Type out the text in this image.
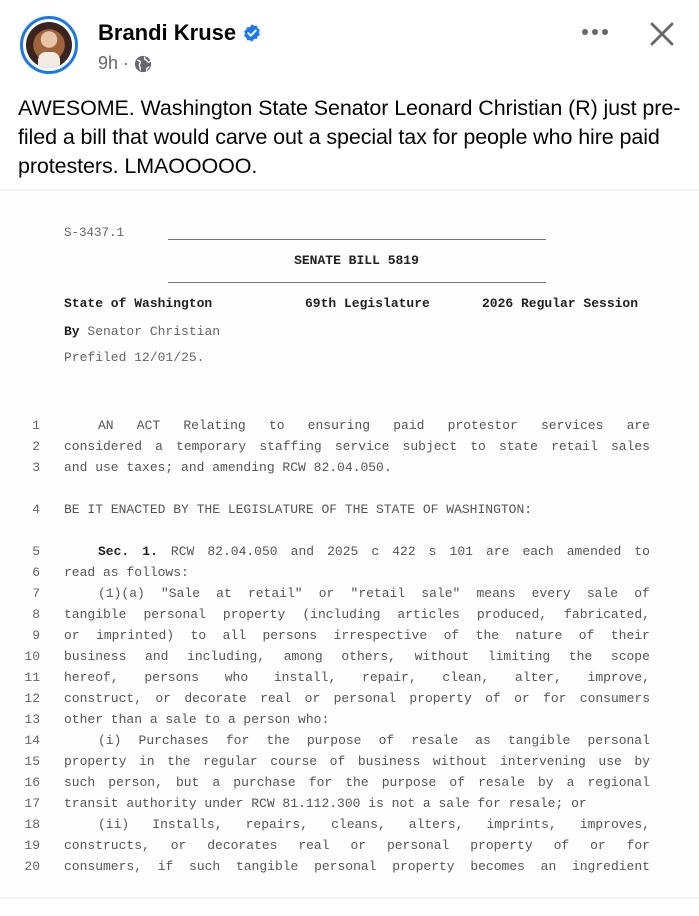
Brandi Kruse
9h ·
AWESOME. Washington State Senator Leonard Christian (R) just pre-filed a bill that would carve out a special tax for people who hire paid protesters. LMAOOOOO.
S-3437.1
SENATE BILL 5819
State of Washington	69th Legislature	2026 Regular Session
By Senator Christian
Prefiled 12/01/25.
1	AN ACT Relating to ensuring paid protestor services are
2 considered a temporary staffing service subject to state retail sales
3 and use taxes; and amending RCW 82.04.050.
4 BE IT ENACTED BY THE LEGISLATURE OF THE STATE OF WASHINGTON:
5	Sec. 1. RCW 82.04.050 and 2025 c 422 s 101 are each amended to
6 read as follows:
7	(1)(a) "Sale at retail" or "retail sale" means every sale of
8 tangible personal property (including articles produced, fabricated,
9 or imprinted) to all persons irrespective of the nature of their
10 business and including, among others, without limiting the scope
11 hereof, persons who install, repair, clean, alter, improve,
12 construct, or decorate real or personal property of or for consumers
13 other than a sale to a person who:
14	(i) Purchases for the purpose of resale as tangible personal
15 property in the regular course of business without intervening use by
16 such person, but a purchase for the purpose of resale by a regional
17 transit authority under RCW 81.112.300 is not a sale for resale; or
18	(ii) Installs, repairs, cleans, alters, imprints, improves,
19 constructs, or decorates real or personal property of or for
20 consumers, if such tangible personal property becomes an ingredient
